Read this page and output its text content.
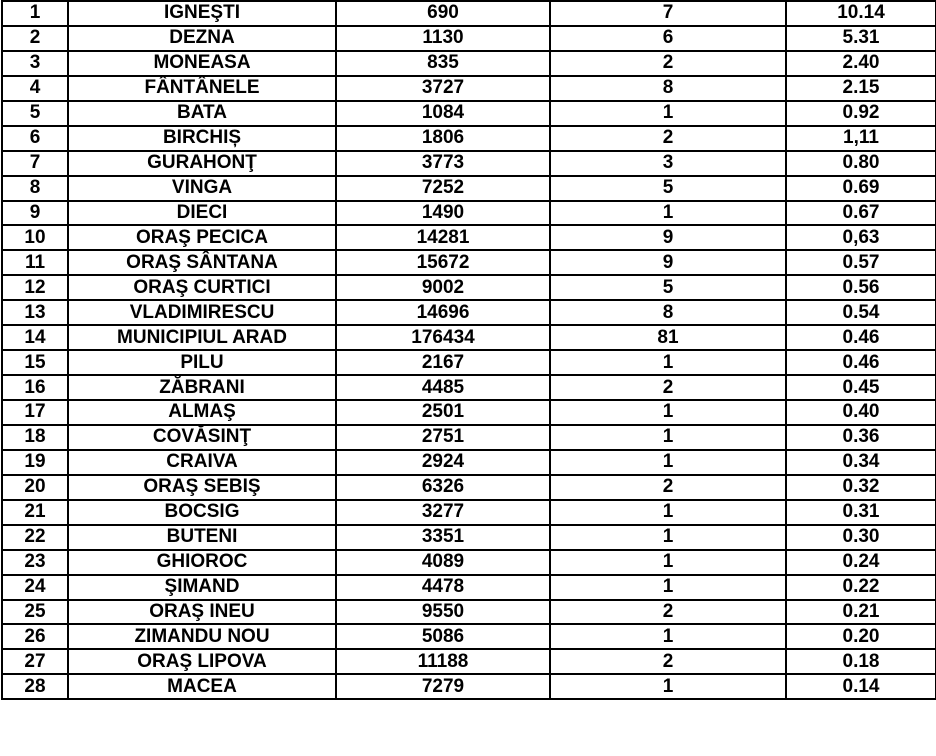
1	IGNEŞTI	690	7	10.14
2	DEZNA	1130	6	5.31
3	MONEASA	835	2	2.40
4	FÂNTÂNELE	3727	8	2.15
5	BATA	1084	1	0.92
6	BIRCHIȘ	1806	2	1,11
7	GURAHONŢ	3773	3	0.80
8	VINGA	7252	5	0.69
9	DIECI	1490	1	0.67
10	ORAŞ PECICA	14281	9	0,63
11	ORAŞ SÂNTANA	15672	9	0.57
12	ORAŞ CURTICI	9002	5	0.56
13	VLADIMIRESCU	14696	8	0.54
14	MUNICIPIUL ARAD	176434	81	0.46
15	PILU	2167	1	0.46
16	ZĂBRANI	4485	2	0.45
17	ALMAŞ	2501	1	0.40
18	COVĂSINŢ	2751	1	0.36
19	CRAIVA	2924	1	0.34
20	ORAŞ SEBIŞ	6326	2	0.32
21	BOCSIG	3277	1	0.31
22	BUTENI	3351	1	0.30
23	GHIOROC	4089	1	0.24
24	ŞIMAND	4478	1	0.22
25	ORAŞ INEU	9550	2	0.21
26	ZIMANDU NOU	5086	1	0.20
27	ORAŞ LIPOVA	11188	2	0.18
28	MACEA	7279	1	0.14
